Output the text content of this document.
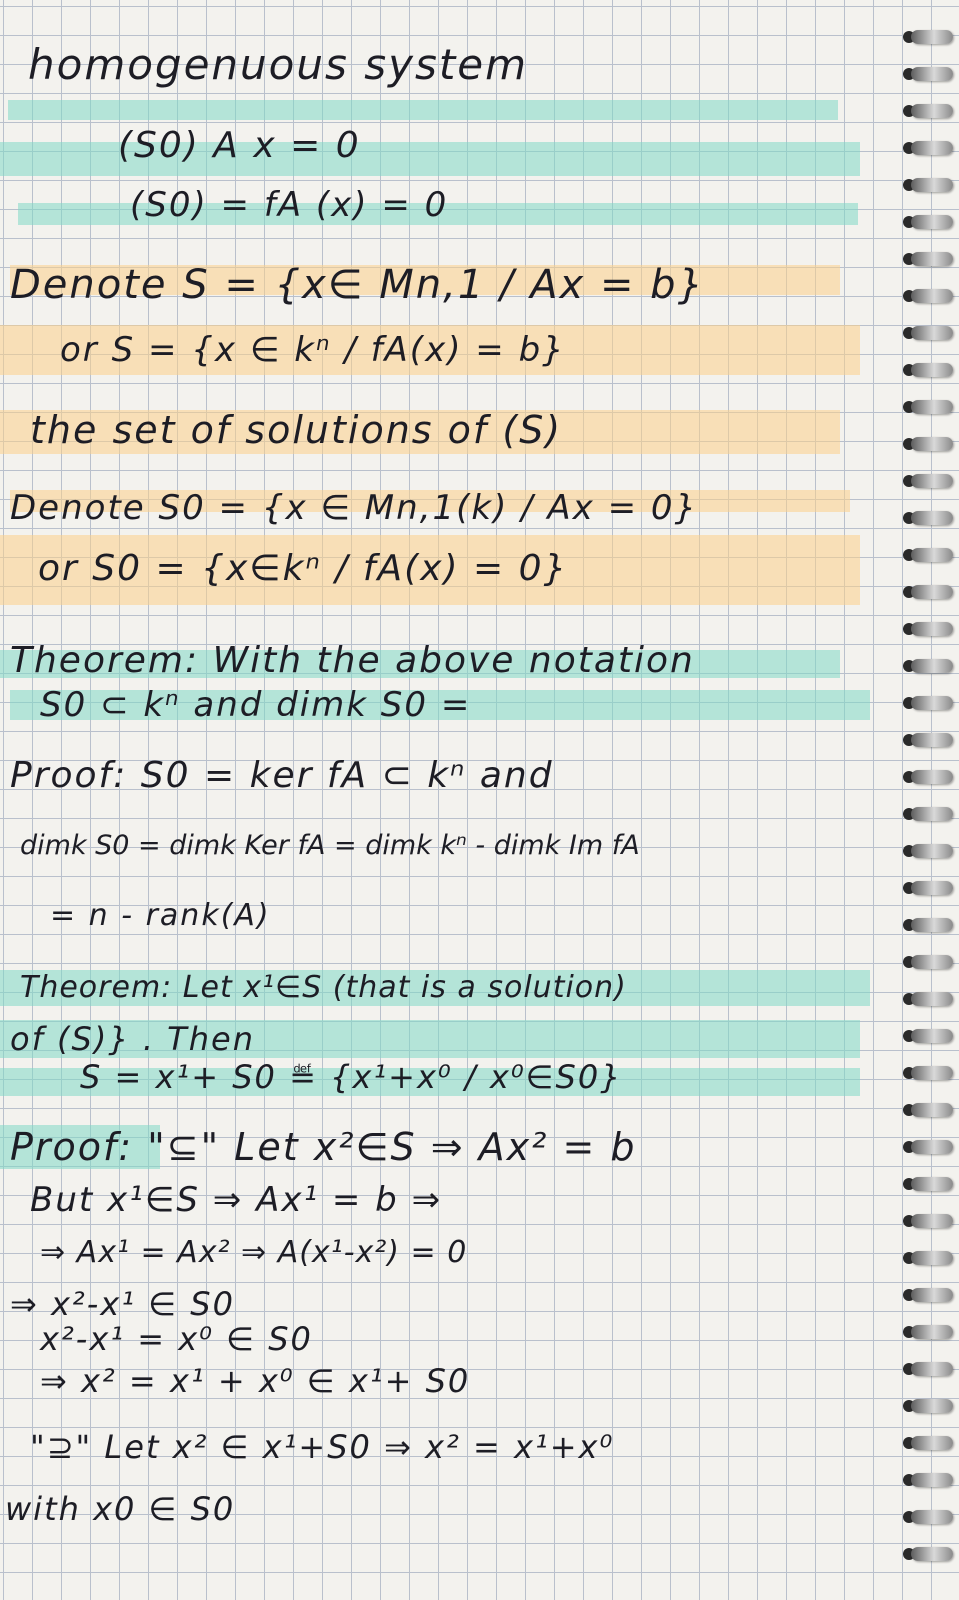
homogenuous system
(S0) A x = 0
(S0) = fA (x) = 0
Denote S = {x∈ Mn,1 / Ax = b}
or S = {x ∈ kⁿ / fA(x) = b}
the set of solutions of (S)
Denote S0 = {x ∈ Mn,1(k) / Ax = 0}
or S0 = {x∈kⁿ / fA(x) = 0}
Theorem: With the above notation
S0 ⊂ kⁿ and dimk S0 =
Proof: S0 = ker fA ⊂ kⁿ and
dimk S0 = dimk Ker fA = dimk kⁿ - dimk Im fA
= n - rank(A)
Theorem: Let x¹∈S (that is a solution)
of (S)} . Then
S = x¹+ S0 ≝ {x¹+x⁰ / x⁰∈S0}
Proof: "⊆" Let x²∈S ⇒ Ax² = b
But x¹∈S ⇒ Ax¹ = b ⇒
⇒ Ax¹ = Ax² ⇒ A(x¹-x²) = 0
⇒ x²-x¹ ∈ S0
x²-x¹ = x⁰ ∈ S0
⇒ x² = x¹ + x⁰ ∈ x¹+ S0
"⊇" Let x² ∈ x¹+S0 ⇒ x² = x¹+x⁰
with x0 ∈ S0
